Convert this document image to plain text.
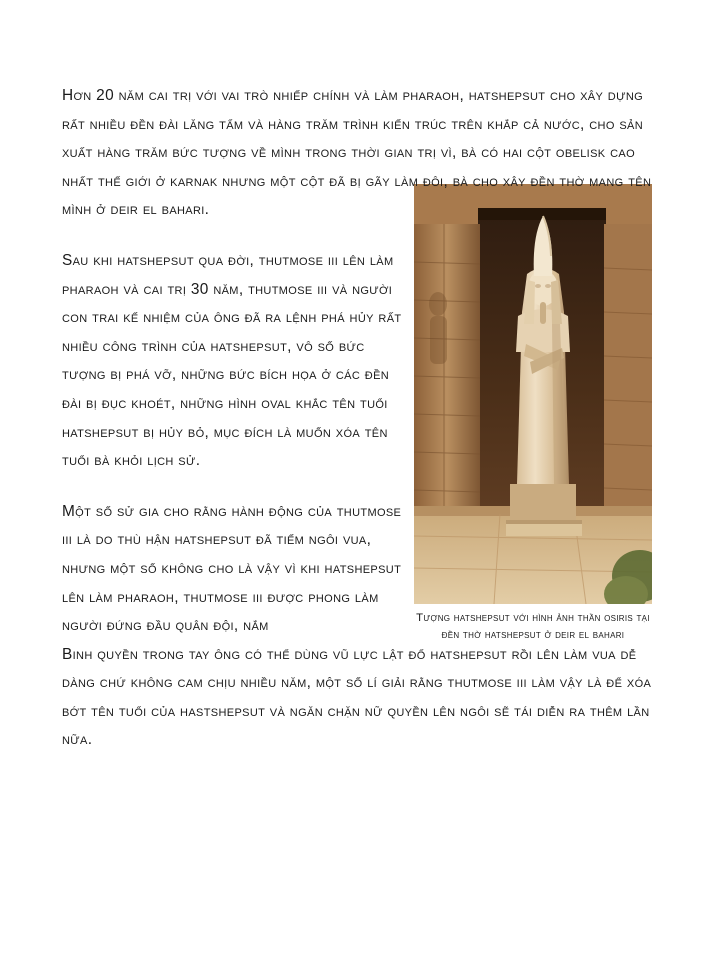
Tượng hatshepsut với hình ảnh thần osiris tại đền thờ hatshepsut ở deir el bahari

Hơn 20 năm cai trị với vai trò nhiếp chính và làm pharaoh, hatshepsut cho xây dựng rất nhiều đền đài lăng tẩm và hàng trăm trình kiến trúc trên khắp cả nước, cho sản xuất hàng trăm bức tượng về mình trong thời gian trị vì, bà có hai cột obelisk cao nhất thế giới ở karnak nhưng một cột đã bị gãy làm đôi, bà cho xây đền thờ mang tên mình ở deir el bahari.

Sau khi hatshepsut qua đời, thutmose iii lên làm pharaoh và cai trị 30 năm, thutmose iii và người con trai kế nhiệm của ông đã ra lệnh phá hủy rất nhiều công trình của hatshepsut, vô số bức tượng bị phá vỡ, những bức bích họa ở các đền đài bị đục khoét, những hình oval khắc tên tuổi hatshepsut bị hủy bỏ, mục đích là muốn xóa tên tuổi bà khỏi lịch sử.

Một số sử gia cho rằng hành động của thutmose iii là do thù hận hatshepsut đã tiếm ngôi vua, nhưng một số không cho là vậy vì khi hatshepsut lên làm pharaoh, thutmose iii được phong làm người đứng đầu quân đội, nắm

Binh quyền trong tay ông có thể dùng vũ lực lật đổ hatshepsut rồi lên làm vua dễ dàng chứ không cam chịu nhiều năm, một số lí giải rằng thutmose iii làm vậy là để xóa bớt tên tuổi của hastshepsut và ngăn chặn nữ quyền lên ngôi sẽ tái diễn ra thêm lần nữa.
